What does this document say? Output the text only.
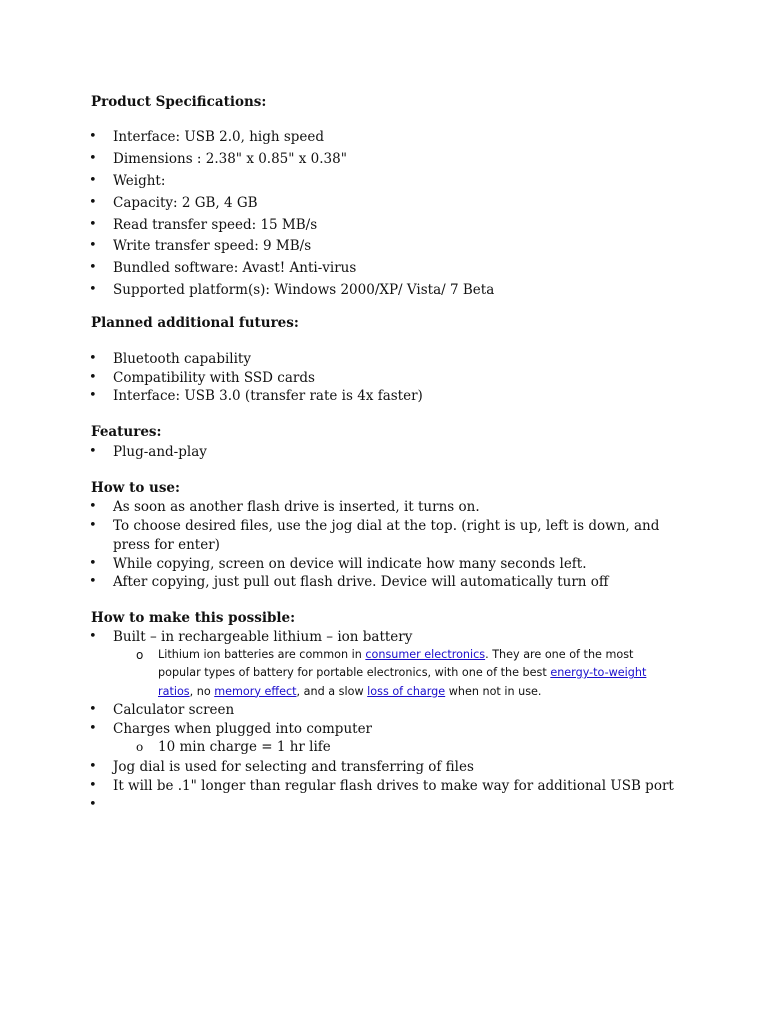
Product Specifications:
• Interface: USB 2.0, high speed
• Dimensions : 2.38" x 0.85" x 0.38"
• Weight:
• Capacity: 2 GB, 4 GB
• Read transfer speed: 15 MB/s
• Write transfer speed: 9 MB/s
• Bundled software: Avast! Anti-virus
• Supported platform(s): Windows 2000/XP/ Vista/ 7 Beta
Planned additional futures:
• Bluetooth capability
• Compatibility with SSD cards
• Interface: USB 3.0 (transfer rate is 4x faster)
Features:
• Plug-and-play
How to use:
• As soon as another flash drive is inserted, it turns on.
• To choose desired files, use the jog dial at the top. (right is up, left is down, and press for enter)
• While copying, screen on device will indicate how many seconds left.
• After copying, just pull out flash drive. Device will automatically turn off
How to make this possible:
• Built – in rechargeable lithium – ion battery
o Lithium ion batteries are common in consumer electronics. They are one of the most popular types of battery for portable electronics, with one of the best energy-to-weight ratios, no memory effect, and a slow loss of charge when not in use.
• Calculator screen
• Charges when plugged into computer
o 10 min charge = 1 hr life
• Jog dial is used for selecting and transferring of files
• It will be .1" longer than regular flash drives to make way for additional USB port
•
